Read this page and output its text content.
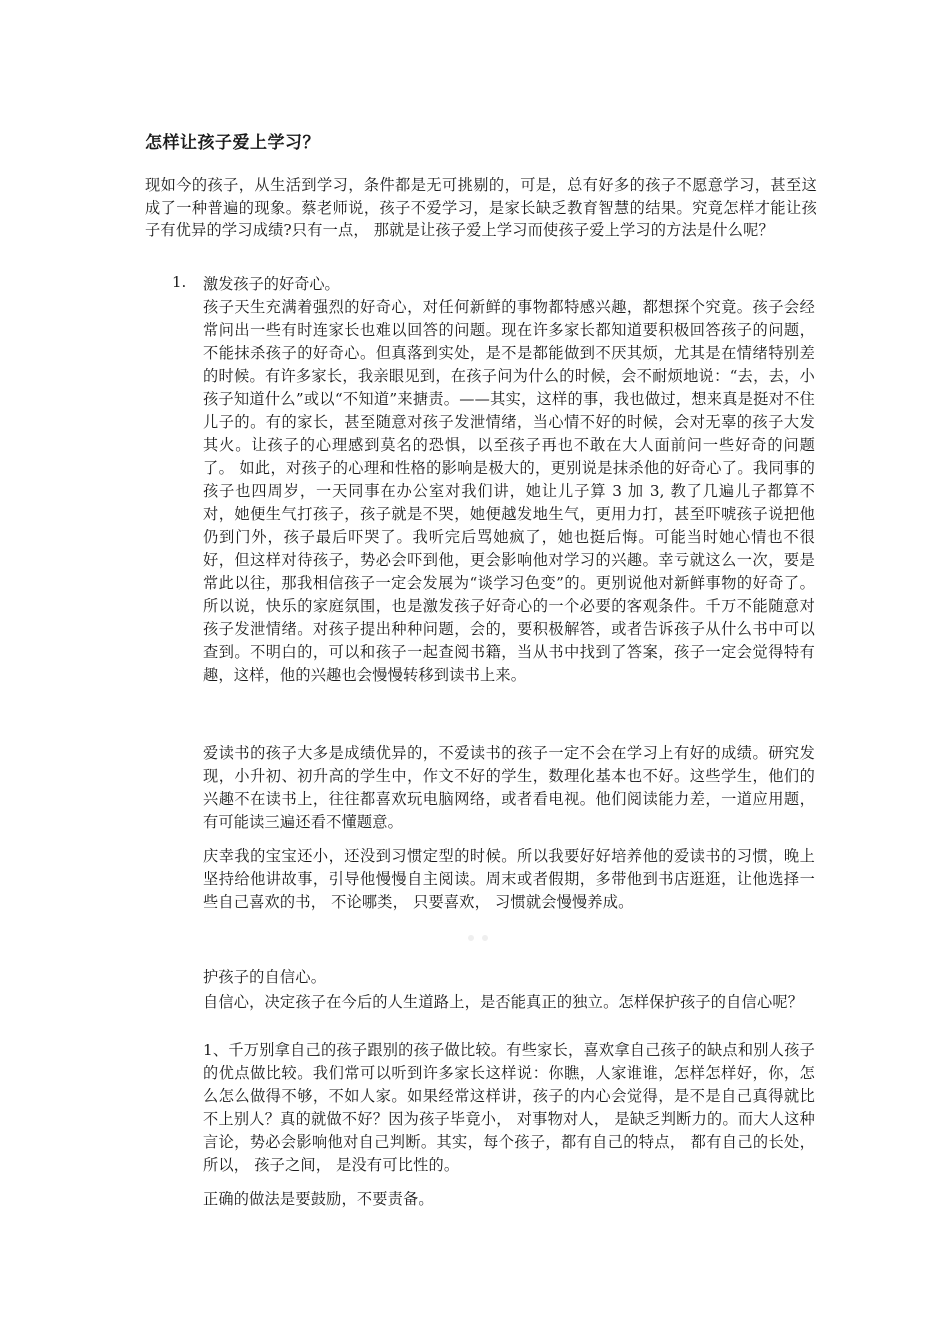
怎样让孩子爱上学习？
现如今的孩子，从生活到学习，条件都是无可挑剔的，可是，总有好多的孩子不愿意学习，甚至这成了一种普遍的现象。蔡老师说，孩子不爱学习，是家长缺乏教育智慧的结果。究竟怎样才能让孩子有优异的学习成绩?只有一点， 那就是让孩子爱上学习而使孩子爱上学习的方法是什么呢？
1. 激发孩子的好奇心。
孩子天生充满着强烈的好奇心，对任何新鲜的事物都特感兴趣，都想探个究竟。孩子会经常问出一些有时连家长也难以回答的问题。现在许多家长都知道要积极回答孩子的问题，不能抹杀孩子的好奇心。但真落到实处，是不是都能做到不厌其烦，尤其是在情绪特别差的时候。有许多家长，我亲眼见到，在孩子问为什么的时候，会不耐烦地说：“去，去，小孩子知道什么”或以“不知道”来搪责。——其实，这样的事，我也做过，想来真是挺对不住儿子的。有的家长，甚至随意对孩子发泄情绪，当心情不好的时候，会对无辜的孩子大发其火。让孩子的心理感到莫名的恐惧，以至孩子再也不敢在大人面前问一些好奇的问题了。 如此，对孩子的心理和性格的影响是极大的，更别说是抹杀他的好奇心了。我同事的孩子也四周岁，一天同事在办公室对我们讲，她让儿子算 3 加 3, 教了几遍儿子都算不对，她便生气打孩子，孩子就是不哭，她便越发地生气，更用力打，甚至吓唬孩子说把他仍到门外，孩子最后吓哭了。我听完后骂她疯了，她也挺后悔。可能当时她心情也不很好，但这样对待孩子，势必会吓到他，更会影响他对学习的兴趣。幸亏就这么一次，要是常此以往，那我相信孩子一定会发展为“谈学习色变”的。更别说他对新鲜事物的好奇了。所以说，快乐的家庭氛围，也是激发孩子好奇心的一个必要的客观条件。千万不能随意对孩子发泄情绪。对孩子提出种种问题，会的，要积极解答，或者告诉孩子从什么书中可以查到。不明白的，可以和孩子一起查阅书籍，当从书中找到了答案，孩子一定会觉得特有趣，这样，他的兴趣也会慢慢转移到读书上来。
爱读书的孩子大多是成绩优异的，不爱读书的孩子一定不会在学习上有好的成绩。研究发现，小升初、初升高的学生中，作文不好的学生，数理化基本也不好。这些学生，他们的兴趣不在读书上，往往都喜欢玩电脑网络，或者看电视。他们阅读能力差，一道应用题，有可能读三遍还看不懂题意。
庆幸我的宝宝还小，还没到习惯定型的时候。所以我要好好培养他的爱读书的习惯，晚上坚持给他讲故事，引导他慢慢自主阅读。周末或者假期，多带他到书店逛逛，让他选择一些自己喜欢的书， 不论哪类， 只要喜欢， 习惯就会慢慢养成。
护孩子的自信心。
自信心，决定孩子在今后的人生道路上，是否能真正的独立。怎样保护孩子的自信心呢？
1、千万别拿自己的孩子跟别的孩子做比较。有些家长，喜欢拿自己孩子的缺点和别人孩子的优点做比较。我们常可以听到许多家长这样说：你瞧，人家谁谁，怎样怎样好，你，怎么怎么做得不够，不如人家。如果经常这样讲，孩子的内心会觉得，是不是自己真得就比不上别人？真的就做不好？因为孩子毕竟小， 对事物对人， 是缺乏判断力的。而大人这种言论，势必会影响他对自己判断。其实，每个孩子，都有自己的特点， 都有自己的长处， 所以， 孩子之间， 是没有可比性的。
正确的做法是要鼓励，不要责备。
